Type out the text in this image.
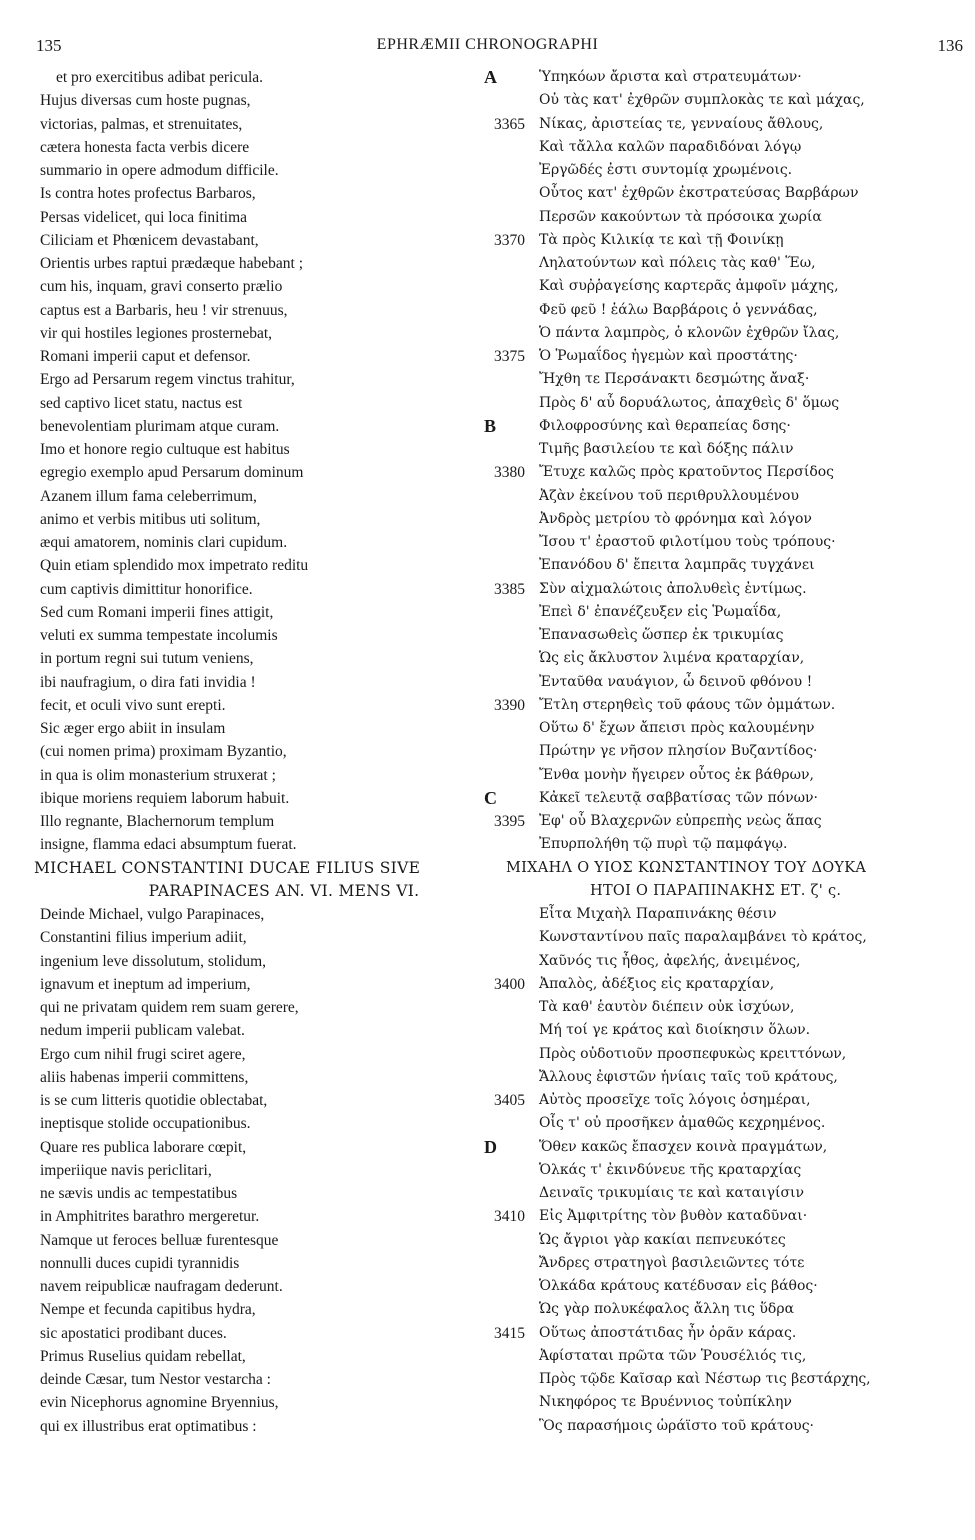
135	EPHRÆMII CHRONOGRAPHI	136
et pro exercitibus adibat pericula.
Hujus diversas cum hoste pugnas,
victorias, palmas, et strenuitates,
cætera honesta facta verbis dicere
summario in opere admodum difficile.
Is contra hotes profectus Barbaros,
Persas videlicet, qui loca finitima
Ciliciam et Phœnicem devastabant,
Orientis urbes raptui prædæque habebant ;
cum his, inquam, gravi conserto prælio
captus est a Barbaris, heu ! vir strenuus,
vir qui hostiles legiones prosternebat,
Romani imperii caput et defensor.
Ergo ad Persarum regem vinctus trahitur,
sed captivo licet statu, nactus est
benevolentiam plurimam atque curam.
Imo et honore regio cultuque est habitus
egregio exemplo apud Persarum dominum
Azanem illum fama celeberrimum,
animo et verbis mitibus uti solitum,
æqui amatorem, nominis clari cupidum.
Quin etiam splendido mox impetrato reditu
cum captivis dimittitur honorifice.
Sed cum Romani imperii fines attigit,
veluti ex summa tempestate incolumis
in portum regni sui tutum veniens,
ibi naufragium, o dira fati invidia !
fecit, et oculi vivo sunt erepti.
Sic æger ergo abiit in insulam
(cui nomen prima) proximam Byzantio,
in qua is olim monasterium struxerat ;
ibique moriens requiem laborum habuit.
Illo regnante, Blachernorum templum
insigne, flamma edaci absumptum fuerat.
MICHAEL CONSTANTINI DUCAE FILIUS SIVE
PARAPINACES AN. VI. MENS VI.
Deinde Michael, vulgo Parapinaces,
Constantini filius imperium adiit,
ingenium leve dissolutum, stolidum,
ignavum et ineptum ad imperium,
qui ne privatam quidem rem suam gerere,
nedum imperii publicam valebat.
Ergo cum nihil frugi sciret agere,
aliis habenas imperii committens,
is se cum litteris quotidie oblectabat,
ineptisque stolide occupationibus.
Quare res publica laborare cœpit,
imperiique navis periclitari,
ne sævis undis ac tempestatibus
in Amphitrites barathro mergeretur.
Namque ut feroces belluæ furentesque
nonnulli duces cupidi tyrannidis
navem reipublicæ naufragam dederunt.
Nempe et fecunda capitibus hydra,
sic apostatici prodibant duces.
Primus Ruselius quidam rebellat,
deinde Cæsar, tum Nestor vestarcha :
evin Nicephorus agnomine Bryennius,
qui ex illustribus erat optimatibus :
A	Ὑπηκόων ἄριστα καὶ στρατευμάτων·
Οὐ τὰς κατ' ἐχθρῶν συμπλοκὰς τε καὶ μάχας,
3365	Νίκας, ἀριστείας τε, γενναίους ἄθλους,
Καὶ τἄλλα καλῶν παραδιδόναι λόγῳ
Ἐργῶδές ἐστι συντομίᾳ χρωμένοις.
Οὗτος κατ' ἐχθρῶν ἐκστρατεύσας Βαρβάρων
Περσῶν κακούντων τὰ πρόσοικα χωρία
3370	Τὰ πρὸς Κιλικίᾳ τε καὶ τῇ Φοινίκῃ
Ληλατούντων καὶ πόλεις τὰς καθ' Ἕω,
Καὶ συῤῥαγείσης καρτερᾶς ἀμφοῖν μάχης,
Φεῦ φεῦ ! ἑάλω Βαρβάροις ὁ γεννάδας,
Ὁ πάντα λαμπρὸς, ὁ κλονῶν ἐχθρῶν ἴλας,
3375	Ὁ Ῥωμαΐδος ἡγεμὼν καὶ προστάτης·
Ἤχθη τε Περσάνακτι δεσμώτης ἄναξ·
Πρὸς δ' αὖ δορυάλωτος, ἀπαχθεὶς δ' ὅμως
B	Φιλοφροσύνης καὶ θεραπείας δσης·
Τιμῆς βασιλείου τε καὶ δόξης πάλιν
3380	Ἔτυχε καλῶς πρὸς κρατοῦντος Περσίδος
Ἀζὰν ἐκείνου τοῦ περιθρυλλουμένου
Ἀνδρὸς μετρίου τὸ φρόνημα καὶ λόγον
Ἴσου τ' ἐραστοῦ φιλοτίμου τοὺς τρόπους·
Ἐπανόδου δ' ἔπειτα λαμπρᾶς τυγχάνει
3385	Σὺν αἰχμαλώτοις ἀπολυθεὶς ἐντίμως.
Ἐπεὶ δ' ἐπανέζευξεν εἰς Ῥωμαΐδα,
Ἐπανασωθεὶς ὥσπερ ἐκ τρικυμίας
Ὡς εἰς ἄκλυστον λιμένα κραταρχίαν,
Ἐνταῦθα ναυάγιον, ὦ δεινοῦ φθόνου !
3390	Ἔτλη στερηθεὶς τοῦ φάους τῶν ὀμμάτων.
Οὕτω δ' ἔχων ἄπεισι πρὸς καλουμένην
Πρώτην γε νῆσον πλησίον Βυζαντίδος·
Ἔνθα μονὴν ἤγειρεν οὗτος ἐκ βάθρων,
C	Κἀκεῖ τελευτᾷ σαββατίσας τῶν πόνων·
3395	Ἐφ' οὗ Βλαχερνῶν εὐπρεπὴς νεὼς ἅπας
Ἐπυρπολήθη τῷ πυρὶ τῷ παμφάγῳ.
ΜΙΧΑΗΛ Ο ΥΙΟΣ ΚΩΝΣΤΑΝΤΙΝΟΥ ΤΟΥ ΔΟΥΚΑ
ΗΤΟΙ Ο ΠΑΡΑΠΙΝΑΚΗΣ ΕΤ. ζ' ς.
Εἶτα Μιχαὴλ Παραπινάκης θέσιν
Κωνσταντίνου παῖς παραλαμβάνει τὸ κράτος,
Χαῦνός τις ἦθος, ἀφελής, ἀνειμένος,
3400	Ἀπαλὸς, ἀδέξιος εἰς κραταρχίαν,
Τὰ καθ' ἑαυτὸν διέπειν οὐκ ἰσχύων,
Μή τοί γε κράτος καὶ διοίκησιν ὅλων.
Πρὸς οὐδοτιοῦν προσπεφυκὼς κρειττόνων,
Ἄλλους ἐφιστῶν ἡνίαις ταῖς τοῦ κράτους,
3405	Αὐτὸς προσεῖχε τοῖς λόγοις ὁσημέραι,
Οἷς τ' οὐ προσῆκεν ἀμαθῶς κεχρημένος.
D	Ὅθεν κακῶς ἔπασχεν κοινὰ πραγμάτων,
Ὁλκάς τ' ἐκινδύνευε τῆς κραταρχίας
Δειναῖς τρικυμίαις τε καὶ καταιγίσιν
3410	Εἰς Ἀμφιτρίτης τὸν βυθὸν καταδῦναι·
Ὡς ἄγριοι γὰρ κακίαι πεπνευκότες
Ἄνδρες στρατηγοὶ βασιλειῶντες τότε
Ὁλκάδα κράτους κατέδυσαν εἰς βάθος·
Ὡς γὰρ πολυκέφαλος ἄλλη τις ὕδρα
3415	Οὕτως ἀποστάτιδας ἦν ὁρᾶν κάρας.
Ἀφίσταται πρῶτα τῶν Ῥουσέλιός τις,
Πρὸς τῷδε Καῖσαρ καὶ Νέστωρ τις βεστάρχης,
Νικηφόρος τε Βρυέννιος τοὐπίκλην
Ὃς παρασήμοις ὡράϊστο τοῦ κράτους·
